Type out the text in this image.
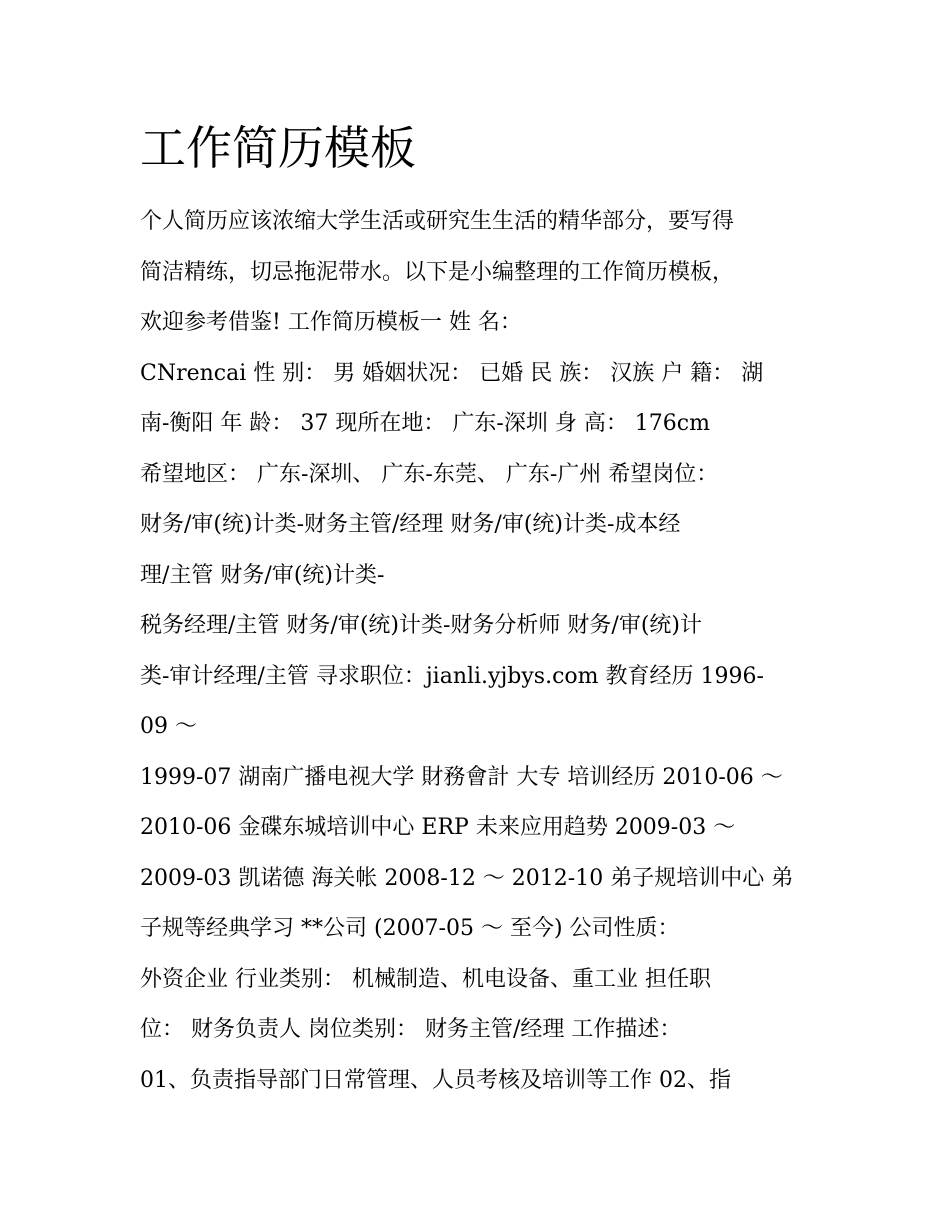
工作简历模板
个人简历应该浓缩大学生活或研究生生活的精华部分，要写得
简洁精练，切忌拖泥带水。以下是小编整理的工作简历模板，
欢迎参考借鉴! 工作简历模板一 姓 名：
CNrencai 性 别： 男 婚姻状况： 已婚 民 族： 汉族 户 籍： 湖
南-衡阳 年 龄： 37 现所在地： 广东-深圳 身 高： 176cm
希望地区： 广东-深圳、 广东-东莞、 广东-广州 希望岗位：
财务/审(统)计类-财务主管/经理 财务/审(统)计类-成本经
理/主管 财务/审(统)计类-
税务经理/主管 财务/审(统)计类-财务分析师 财务/审(统)计
类-审计经理/主管 寻求职位：jianli.yjbys.com 教育经历 1996-
09 ～
1999-07 湖南广播电视大学 財務會計 大专 培训经历 2010-06 ～
2010-06 金碟东城培训中心 ERP 未来应用趋势 2009-03 ～
2009-03 凯诺德 海关帐 2008-12 ～ 2012-10 弟子规培训中心 弟
子规等经典学习 **公司 (2007-05 ～ 至今) 公司性质：
外资企业 行业类别： 机械制造、机电设备、重工业 担任职
位： 财务负责人 岗位类别： 财务主管/经理 工作描述：
01、负责指导部门日常管理、人员考核及培训等工作 02、指
